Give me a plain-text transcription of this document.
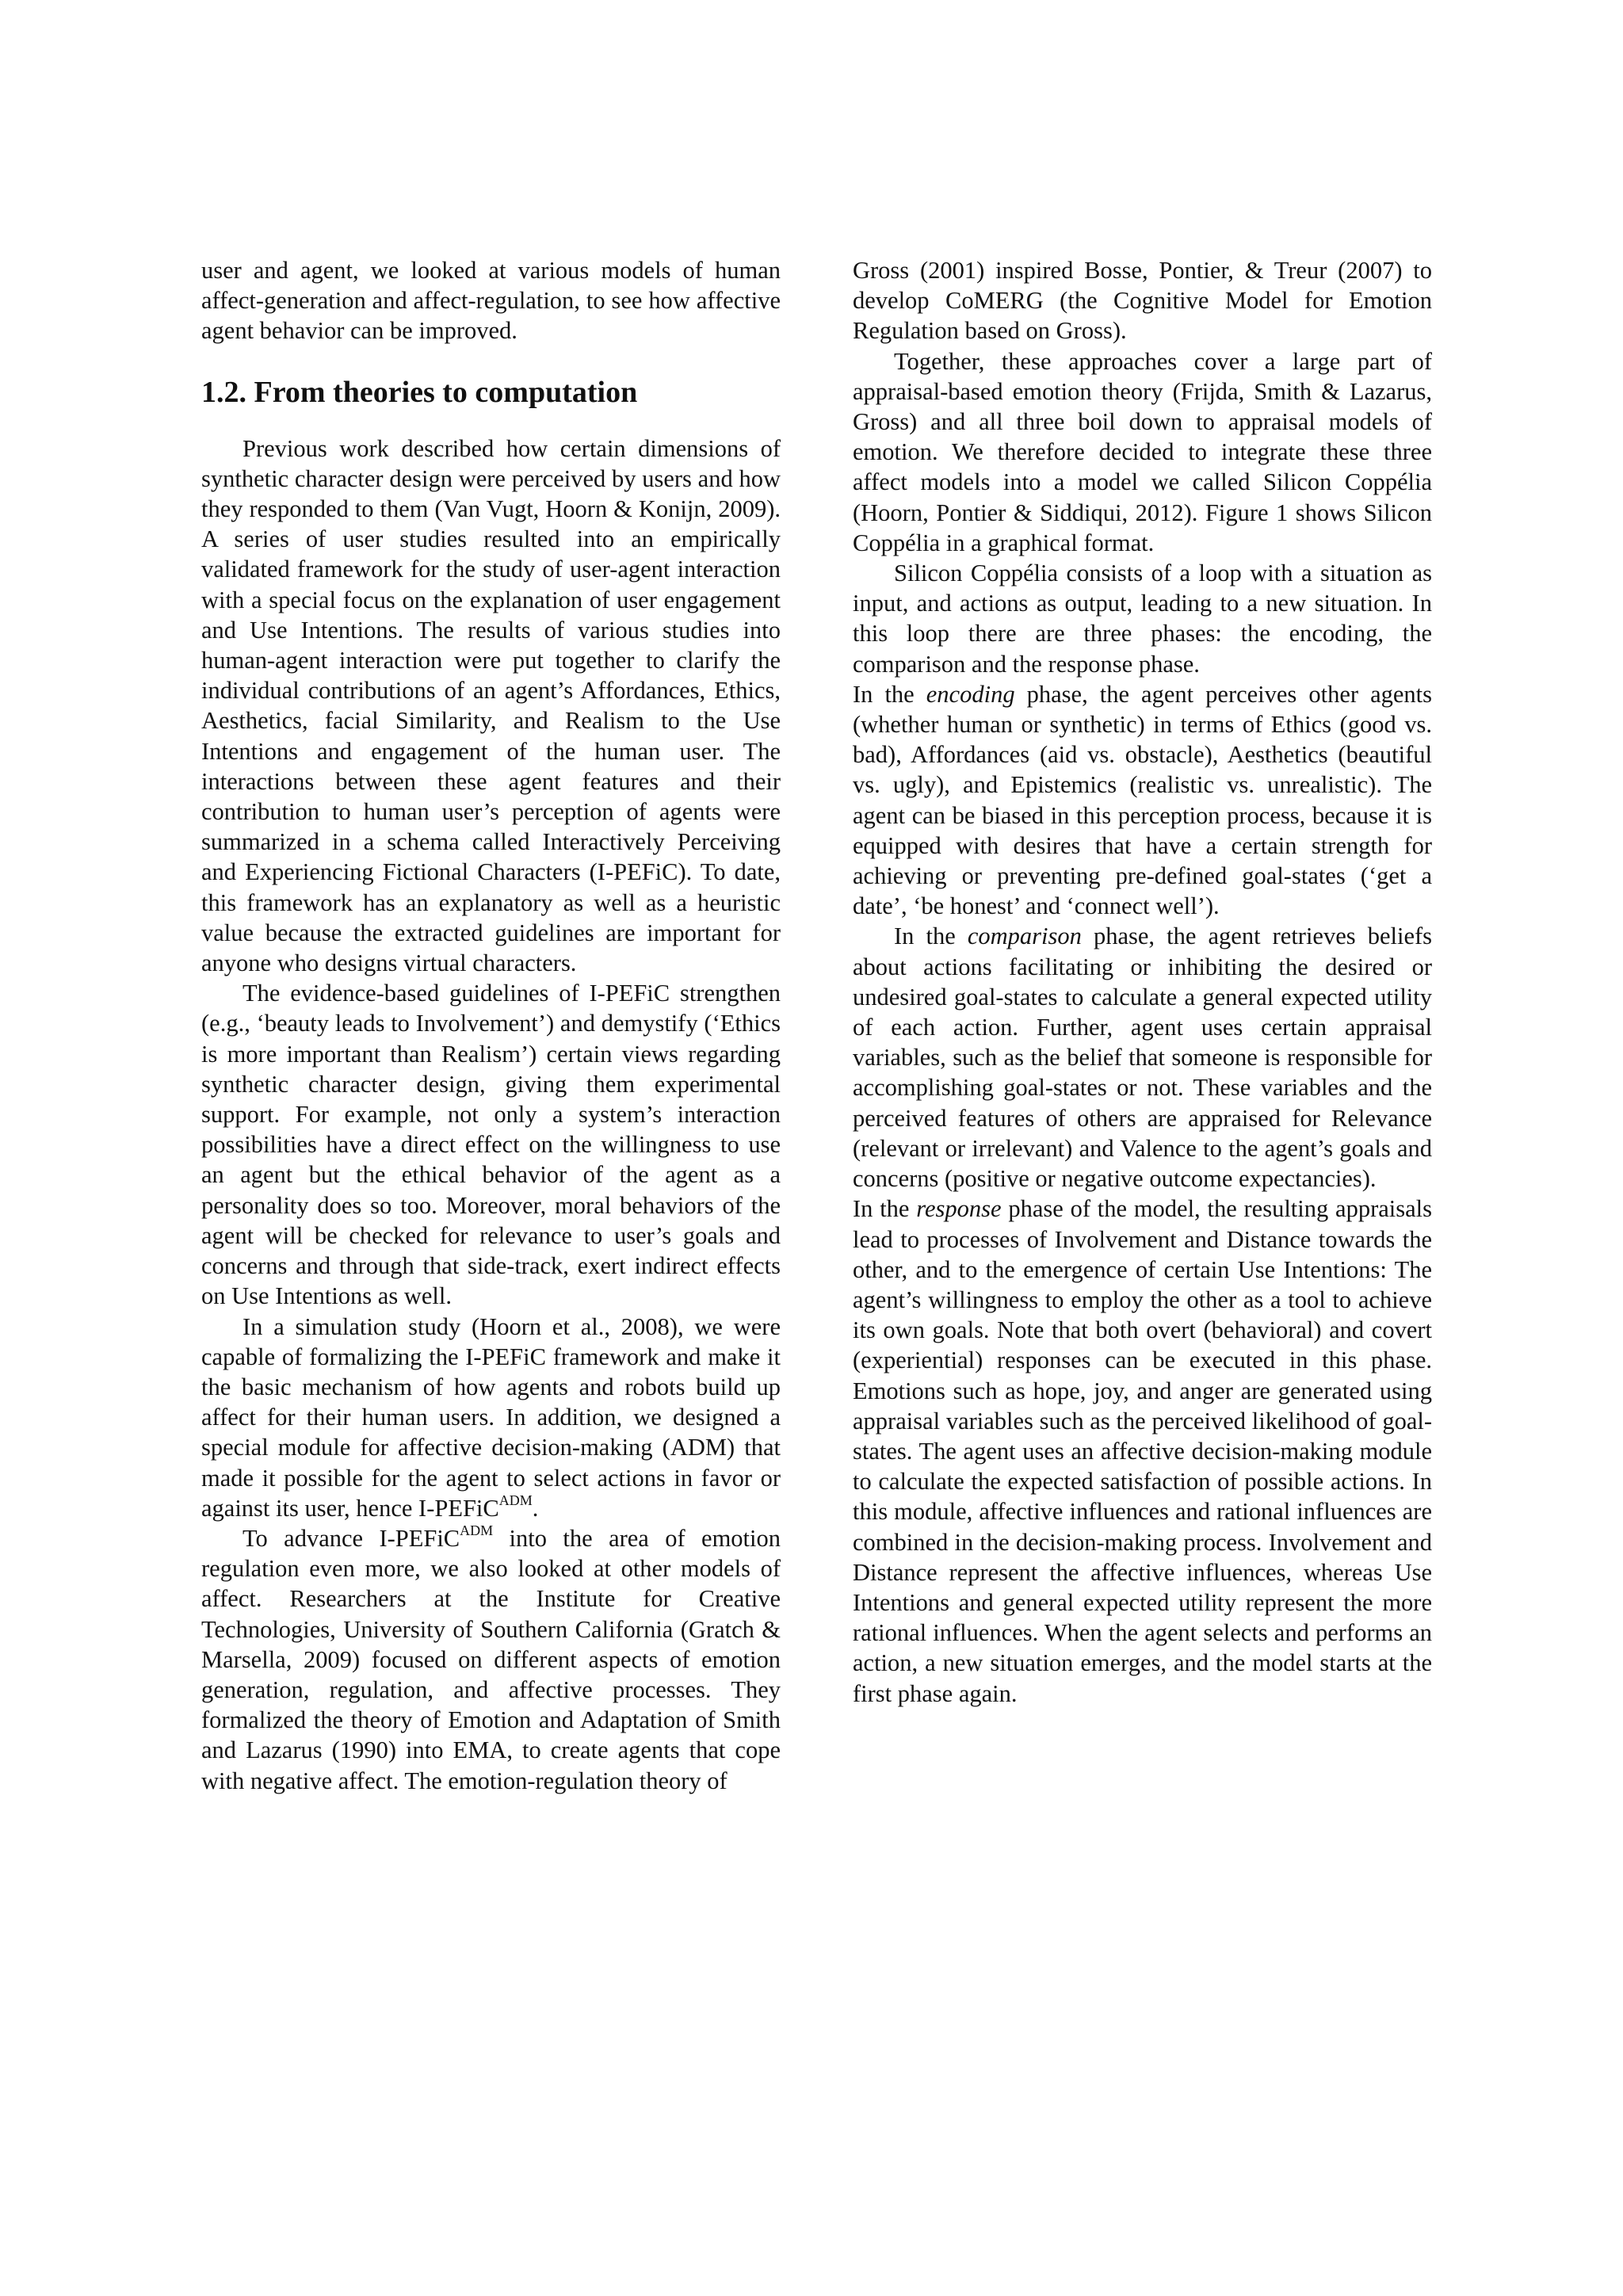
user and agent, we looked at various models of human affect-generation and affect-regulation, to see how affective agent behavior can be improved.

1.2. From theories to computation

Previous work described how certain dimensions of synthetic character design were perceived by users and how they responded to them (Van Vugt, Hoorn & Konijn, 2009). A series of user studies resulted into an empirically validated framework for the study of user-agent interaction with a special focus on the explanation of user engagement and Use Intentions. The results of various studies into human-agent interaction were put together to clarify the individual contributions of an agent’s Affordances, Ethics, Aesthetics, facial Similarity, and Realism to the Use Intentions and engagement of the human user. The interactions between these agent features and their contribution to human user’s perception of agents were summarized in a schema called Interactively Perceiving and Experiencing Fictional Characters (I-PEFiC). To date, this framework has an explanatory as well as a heuristic value because the extracted guidelines are important for anyone who designs virtual characters.

The evidence-based guidelines of I-PEFiC strengthen (e.g., ‘beauty leads to Involvement’) and demystify (‘Ethics is more important than Realism’) certain views regarding synthetic character design, giving them experimental support. For example, not only a system’s interaction possibilities have a direct effect on the willingness to use an agent but the ethical behavior of the agent as a personality does so too. Moreover, moral behaviors of the agent will be checked for relevance to user’s goals and concerns and through that side-track, exert indirect effects on Use Intentions as well.

In a simulation study (Hoorn et al., 2008), we were capable of formalizing the I-PEFiC framework and make it the basic mechanism of how agents and robots build up affect for their human users. In addition, we designed a special module for affective decision-making (ADM) that made it possible for the agent to select actions in favor or against its user, hence I-PEFiC$^{ADM}$.

To advance I-PEFiC$^{ADM}$ into the area of emotion regulation even more, we also looked at other models of affect. Researchers at the Institute for Creative Technologies, University of Southern California (Gratch & Marsella, 2009) focused on different aspects of emotion generation, regulation, and affective processes. They formalized the theory of Emotion and Adaptation of Smith and Lazarus (1990) into EMA, to create agents that cope with negative affect. The emotion-regulation theory of

Gross (2001) inspired Bosse, Pontier, & Treur (2007) to develop CoMERG (the Cognitive Model for Emotion Regulation based on Gross).

Together, these approaches cover a large part of appraisal-based emotion theory (Frijda, Smith & Lazarus, Gross) and all three boil down to appraisal models of emotion. We therefore decided to integrate these three affect models into a model we called Silicon Coppélia (Hoorn, Pontier & Siddiqui, 2012). Figure 1 shows Silicon Coppélia in a graphical format.

Silicon Coppélia consists of a loop with a situation as input, and actions as output, leading to a new situation. In this loop there are three phases: the encoding, the comparison and the response phase.

In the encoding phase, the agent perceives other agents (whether human or synthetic) in terms of Ethics (good vs. bad), Affordances (aid vs. obstacle), Aesthetics (beautiful vs. ugly), and Epistemics (realistic vs. unrealistic). The agent can be biased in this perception process, because it is equipped with desires that have a certain strength for achieving or preventing pre-defined goal-states (‘get a date’, ‘be honest’ and ‘connect well’).

In the comparison phase, the agent retrieves beliefs about actions facilitating or inhibiting the desired or undesired goal-states to calculate a general expected utility of each action. Further, agent uses certain appraisal variables, such as the belief that someone is responsible for accomplishing goal-states or not. These variables and the perceived features of others are appraised for Relevance (relevant or irrelevant) and Valence to the agent’s goals and concerns (positive or negative outcome expectancies).

In the response phase of the model, the resulting appraisals lead to processes of Involvement and Distance towards the other, and to the emergence of certain Use Intentions: The agent’s willingness to employ the other as a tool to achieve its own goals. Note that both overt (behavioral) and covert (experiential) responses can be executed in this phase. Emotions such as hope, joy, and anger are generated using appraisal variables such as the perceived likelihood of goal-states. The agent uses an affective decision-making module to calculate the expected satisfaction of possible actions. In this module, affective influences and rational influences are combined in the decision-making process. Involvement and Distance represent the affective influences, whereas Use Intentions and general expected utility represent the more rational influences. When the agent selects and performs an action, a new situation emerges, and the model starts at the first phase again.
